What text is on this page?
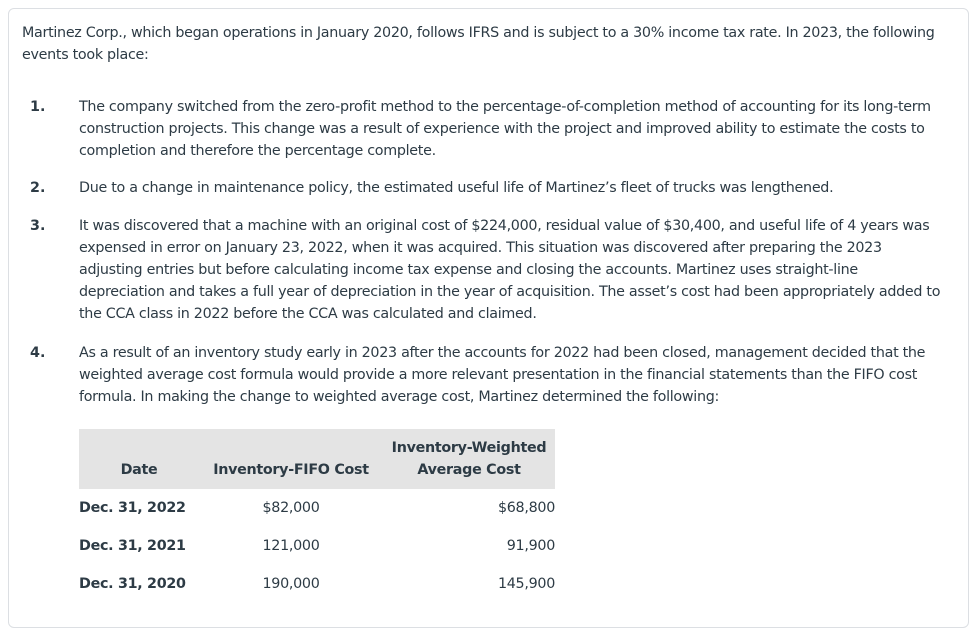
Martinez Corp., which began operations in January 2020, follows IFRS and is subject to a 30% income tax rate. In 2023, the following events took place:
1. The company switched from the zero-profit method to the percentage-of-completion method of accounting for its long-term construction projects. This change was a result of experience with the project and improved ability to estimate the costs to completion and therefore the percentage complete.
2. Due to a change in maintenance policy, the estimated useful life of Martinez’s fleet of trucks was lengthened.
3. It was discovered that a machine with an original cost of $224,000, residual value of $30,400, and useful life of 4 years was expensed in error on January 23, 2022, when it was acquired. This situation was discovered after preparing the 2023 adjusting entries but before calculating income tax expense and closing the accounts. Martinez uses straight-line depreciation and takes a full year of depreciation in the year of acquisition. The asset’s cost had been appropriately added to the CCA class in 2022 before the CCA was calculated and claimed.
4. As a result of an inventory study early in 2023 after the accounts for 2022 had been closed, management decided that the weighted average cost formula would provide a more relevant presentation in the financial statements than the FIFO cost formula. In making the change to weighted average cost, Martinez determined the following:
Date	Inventory-FIFO Cost	Inventory-Weighted
Average Cost

Dec. 31, 2022	$82,000	$68,800
Dec. 31, 2021	121,000	91,900
Dec. 31, 2020	190,000	145,900
